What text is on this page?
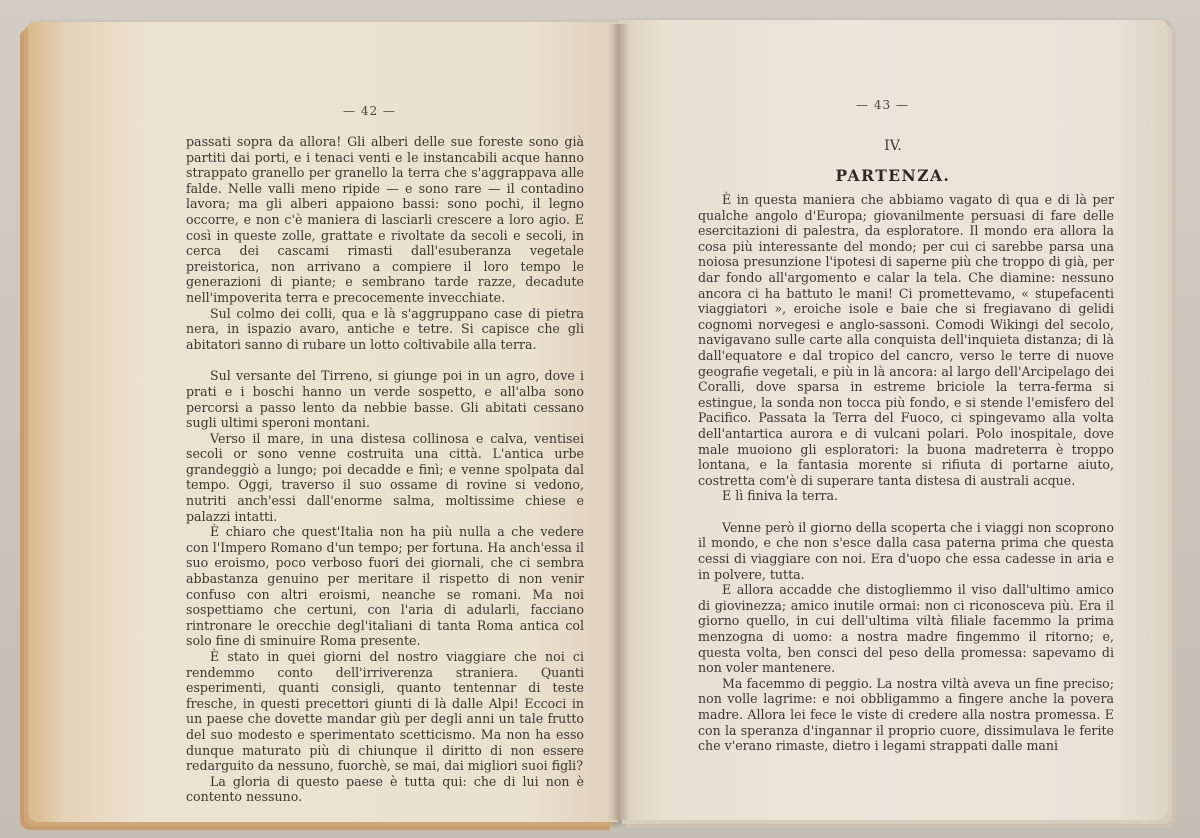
— 42 —

passati sopra da allora! Gli alberi delle sue foreste sono già partiti dai porti, e i tenaci venti e le instancabili acque hanno strappato granello per granello la terra che s'aggrappava alle falde. Nelle valli meno ripide — e sono rare — il contadino lavora; ma gli alberi appaiono bassi: sono pochi, il legno occorre, e non c'è maniera di lasciarli crescere a loro agio. E così in queste zolle, grattate e rivoltate da secoli e secoli, in cerca dei cascami rimasti dall'esuberanza vegetale preistorica, non arrivano a compiere il loro tempo le generazioni di piante; e sembrano tarde razze, decadute nell'impoverita terra e precocemente invecchiate.

Sul colmo dei colli, qua e là s'aggruppano case di pietra nera, in ispazio avaro, antiche e tetre. Si capisce che gli abitatori sanno di rubare un lotto coltivabile alla terra.

Sul versante del Tirreno, si giunge poi in un agro, dove i prati e i boschi hanno un verde sospetto, e all'alba sono percorsi a passo lento da nebbie basse. Gli abitati cessano sugli ultimi speroni montani.

Verso il mare, in una distesa collinosa e calva, ventisei secoli or sono venne costruita una città. L'antica urbe grandeggiò a lungo; poi decadde e finì; e venne spolpata dal tempo. Oggi, traverso il suo ossame di rovine si vedono, nutriti anch'essi dall'enorme salma, moltissime chiese e palazzi intatti.

È chiaro che quest'Italia non ha più nulla a che vedere con l'Impero Romano d'un tempo; per fortuna. Ha anch'essa il suo eroismo, poco verboso fuori dei giornali, che ci sembra abbastanza genuino per meritare il rispetto di non venir confuso con altri eroismi, neanche se romani. Ma noi sospettiamo che certuni, con l'aria di adularli, facciano rintronare le orecchie degl'italiani di tanta Roma antica col solo fine di sminuire Roma presente.

È stato in quei giorni del nostro viaggiare che noi ci rendemmo conto dell'irriverenza straniera. Quanti esperimenti, quanti consigli, quanto tentennar di teste fresche, in questi precettori giunti di là dalle Alpi! Eccoci in un paese che dovette mandar giù per degli anni un tale frutto del suo modesto e sperimentato scetticismo. Ma non ha esso dunque maturato più di chiunque il diritto di non essere redarguito da nessuno, fuorchè, se mai, dai migliori suoi figli?

La gloria di questo paese è tutta qui: che di lui non è contento nessuno.

— 43 —
IV.
PARTENZA.

È in questa maniera che abbiamo vagato di qua e di là per qualche angolo d'Europa; giovanilmente persuasi di fare delle esercitazioni di palestra, da esploratore. Il mondo era allora la cosa più interessante del mondo; per cui ci sarebbe parsa una noiosa presunzione l'ipotesi di saperne più che troppo di già, per dar fondo all'argomento e calar la tela. Che diamine: nessuno ancora ci ha battuto le mani! Ci promettevamo, « stupefacenti viaggiatori », eroiche isole e baie che si fregiavano di gelidi cognomi norvegesi e anglo-sassoni. Comodi Wikingi del secolo, navigavano sulle carte alla conquista dell'inquieta distanza; di là dall'equatore e dal tropico del cancro, verso le terre di nuove geografie vegetali, e più in là ancora: al largo dell'Arcipelago dei Coralli, dove sparsa in estreme briciole la terra-ferma si estingue, la sonda non tocca più fondo, e si stende l'emisfero del Pacifico. Passata la Terra del Fuoco, ci spingevamo alla volta dell'antartica aurora e di vulcani polari. Polo inospitale, dove male muoiono gli esploratori: la buona madreterra è troppo lontana, e la fantasia morente si rifiuta di portarne aiuto, costretta com'è di superare tanta distesa di australi acque.

E lì finiva la terra.

Venne però il giorno della scoperta che i viaggi non scoprono il mondo, e che non s'esce dalla casa paterna prima che questa cessi di viaggiare con noi. Era d'uopo che essa cadesse in aria e in polvere, tutta.

E allora accadde che distogliemmo il viso dall'ultimo amico di giovinezza; amico inutile ormai: non ci riconosceva più. Era il giorno quello, in cui dell'ultima viltà filiale facemmo la prima menzogna di uomo: a nostra madre fingemmo il ritorno; e, questa volta, ben consci del peso della promessa: sapevamo di non voler mantenere.

Ma facemmo di peggio. La nostra viltà aveva un fine preciso; non volle lagrime: e noi obbligammo a fingere anche la povera madre. Allora lei fece le viste di credere alla nostra promessa. E con la speranza d'ingannar il proprio cuore, dissimulava le ferite che v'erano rimaste, dietro i legami strappati dalle mani
